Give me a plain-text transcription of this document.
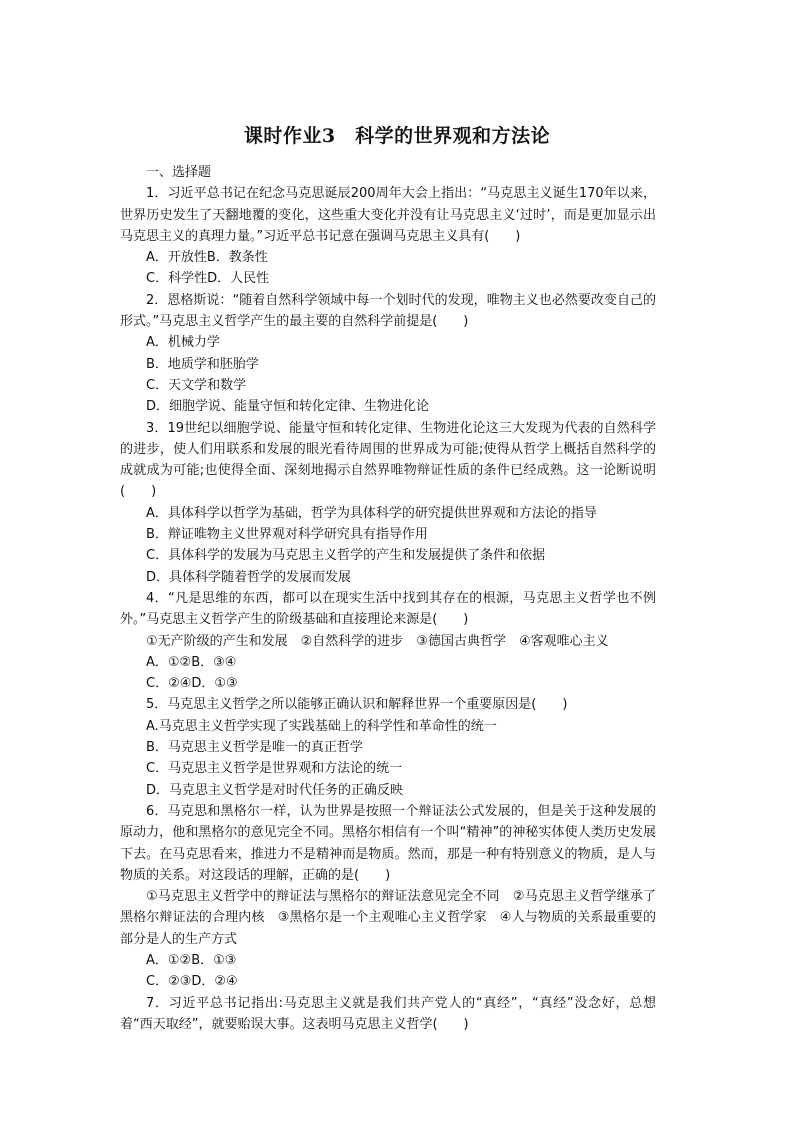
课时作业3　科学的世界观和方法论

一、选择题

1．习近平总书记在纪念马克思诞辰200周年大会上指出：“马克思主义诞生170年以来，世界历史发生了天翻地覆的变化，这些重大变化并没有让马克思主义‘过时’，而是更加显示出马克思主义的真理力量。”习近平总书记意在强调马克思主义具有(　　)

A．开放性B．教条性

C．科学性D．人民性

2．恩格斯说：“随着自然科学领域中每一个划时代的发现，唯物主义也必然要改变自己的形式。”马克思主义哲学产生的最主要的自然科学前提是(　　)

A．机械力学

B．地质学和胚胎学

C．天文学和数学

D．细胞学说、能量守恒和转化定律、生物进化论

3．19世纪以细胞学说、能量守恒和转化定律、生物进化论这三大发现为代表的自然科学的进步，使人们用联系和发展的眼光看待周围的世界成为可能;使得从哲学上概括自然科学的成就成为可能;也使得全面、深刻地揭示自然界唯物辩证性质的条件已经成熟。这一论断说明(　　)

A．具体科学以哲学为基础，哲学为具体科学的研究提供世界观和方法论的指导

B．辩证唯物主义世界观对科学研究具有指导作用

C．具体科学的发展为马克思主义哲学的产生和发展提供了条件和依据

D．具体科学随着哲学的发展而发展

4．“凡是思维的东西，都可以在现实生活中找到其存在的根源，马克思主义哲学也不例外。”马克思主义哲学产生的阶级基础和直接理论来源是(　　)

①无产阶级的产生和发展　②自然科学的进步　③德国古典哲学　④客观唯心主义

A．①②B．③④

C．②④D．①③

5．马克思主义哲学之所以能够正确认识和解释世界一个重要原因是(　　)

A.马克思主义哲学实现了实践基础上的科学性和革命性的统一

B．马克思主义哲学是唯一的真正哲学

C．马克思主义哲学是世界观和方法论的统一

D．马克思主义哲学是对时代任务的正确反映

6．马克思和黑格尔一样，认为世界是按照一个辩证法公式发展的，但是关于这种发展的原动力，他和黑格尔的意见完全不同。黑格尔相信有一个叫“精神”的神秘实体使人类历史发展下去。在马克思看来，推进力不是精神而是物质。然而，那是一种有特别意义的物质，是人与物质的关系。对这段话的理解，正确的是(　　)

①马克思主义哲学中的辩证法与黑格尔的辩证法意见完全不同　②马克思主义哲学继承了黑格尔辩证法的合理内核　③黑格尔是一个主观唯心主义哲学家　④人与物质的关系最重要的部分是人的生产方式

A．①②B．①③

C．②③D．②④

7．习近平总书记指出:马克思主义就是我们共产党人的“真经”，“真经”没念好，总想着“西天取经”，就要贻误大事。这表明马克思主义哲学(　　)
